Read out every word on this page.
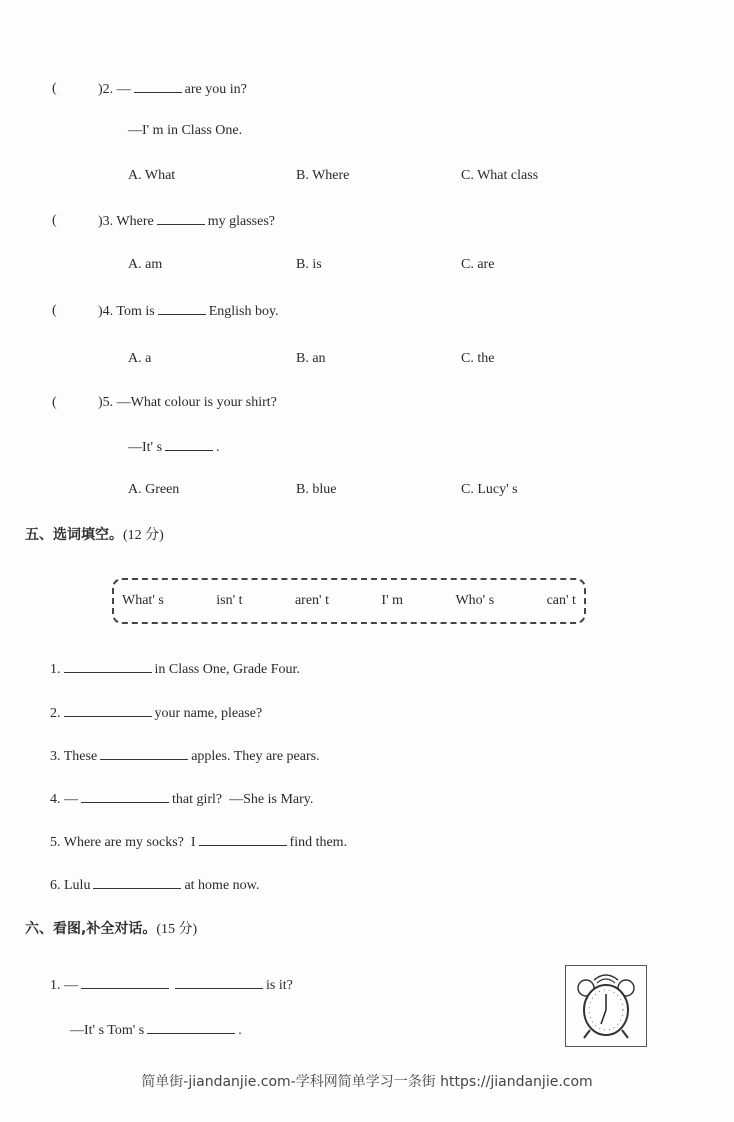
(	)2. —	are you in?
—I' m in Class One.
A. What	B. Where	C. What class
(	)3. Where	my glasses?
A. am	B. is	C. are
(	)4. Tom is	English boy.
A. a	B. an	C. the
(	)5. —What colour is your shirt?
—It' s	.
A. Green	B. blue	C. Lucy' s
五、选词填空。(12 分)
What' s	isn' t	aren' t	I' m	Who' s	can' t
1.	in Class One, Grade Four.
2.	your name, please?
3. These	apples. They are pears.
4. —	that girl?  —She is Mary.
5. Where are my socks?  I	find them.
6. Lulu	at home now.
六、看图,补全对话。(15 分)
1. —	is it?
—It' s Tom' s	.
简单街-jiandanjie.com-学科网简单学习一条街 https://jiandanjie.com
